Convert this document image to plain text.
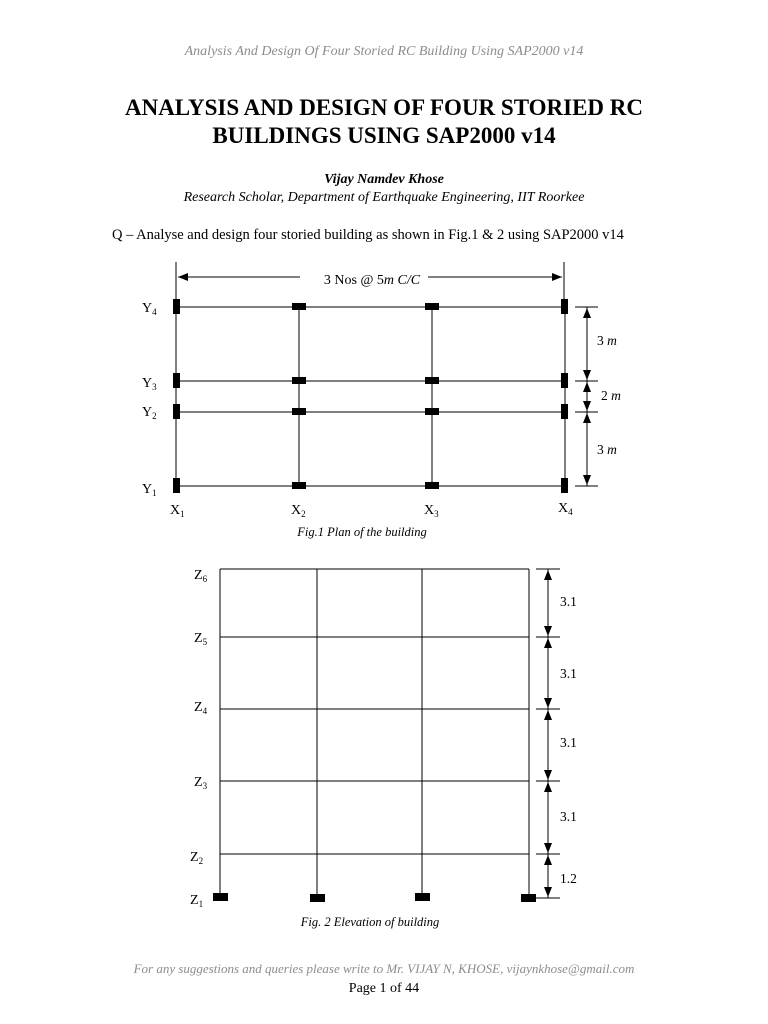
Analysis And Design Of Four Storied RC Building Using SAP2000 v14
ANALYSIS AND DESIGN OF FOUR STORIED RC
BUILDINGS USING SAP2000 v14
Vijay Namdev Khose
Research Scholar, Department of Earthquake Engineering, IIT Roorkee
Q – Analyse and design four storied building as shown in Fig.1 & 2 using SAP2000 v14
3 Nos @ 5m C/C
$Y_4$
$Y_3$
$Y_2$
$Y_1$
$X_1$	$X_2$	$X_3$	$X_4$
3 m
2 m
3 m
$Z_6$
$Z_5$
$Z_4$
$Z_3$
$Z_2$
$Z_1$
3.1
3.1
3.1
3.1
1.2
Fig.1 Plan of the building
Fig. 2 Elevation of building
For any suggestions and queries please write to Mr. VIJAY N, KHOSE, vijaynkhose@gmail.com
Page 1 of 44
